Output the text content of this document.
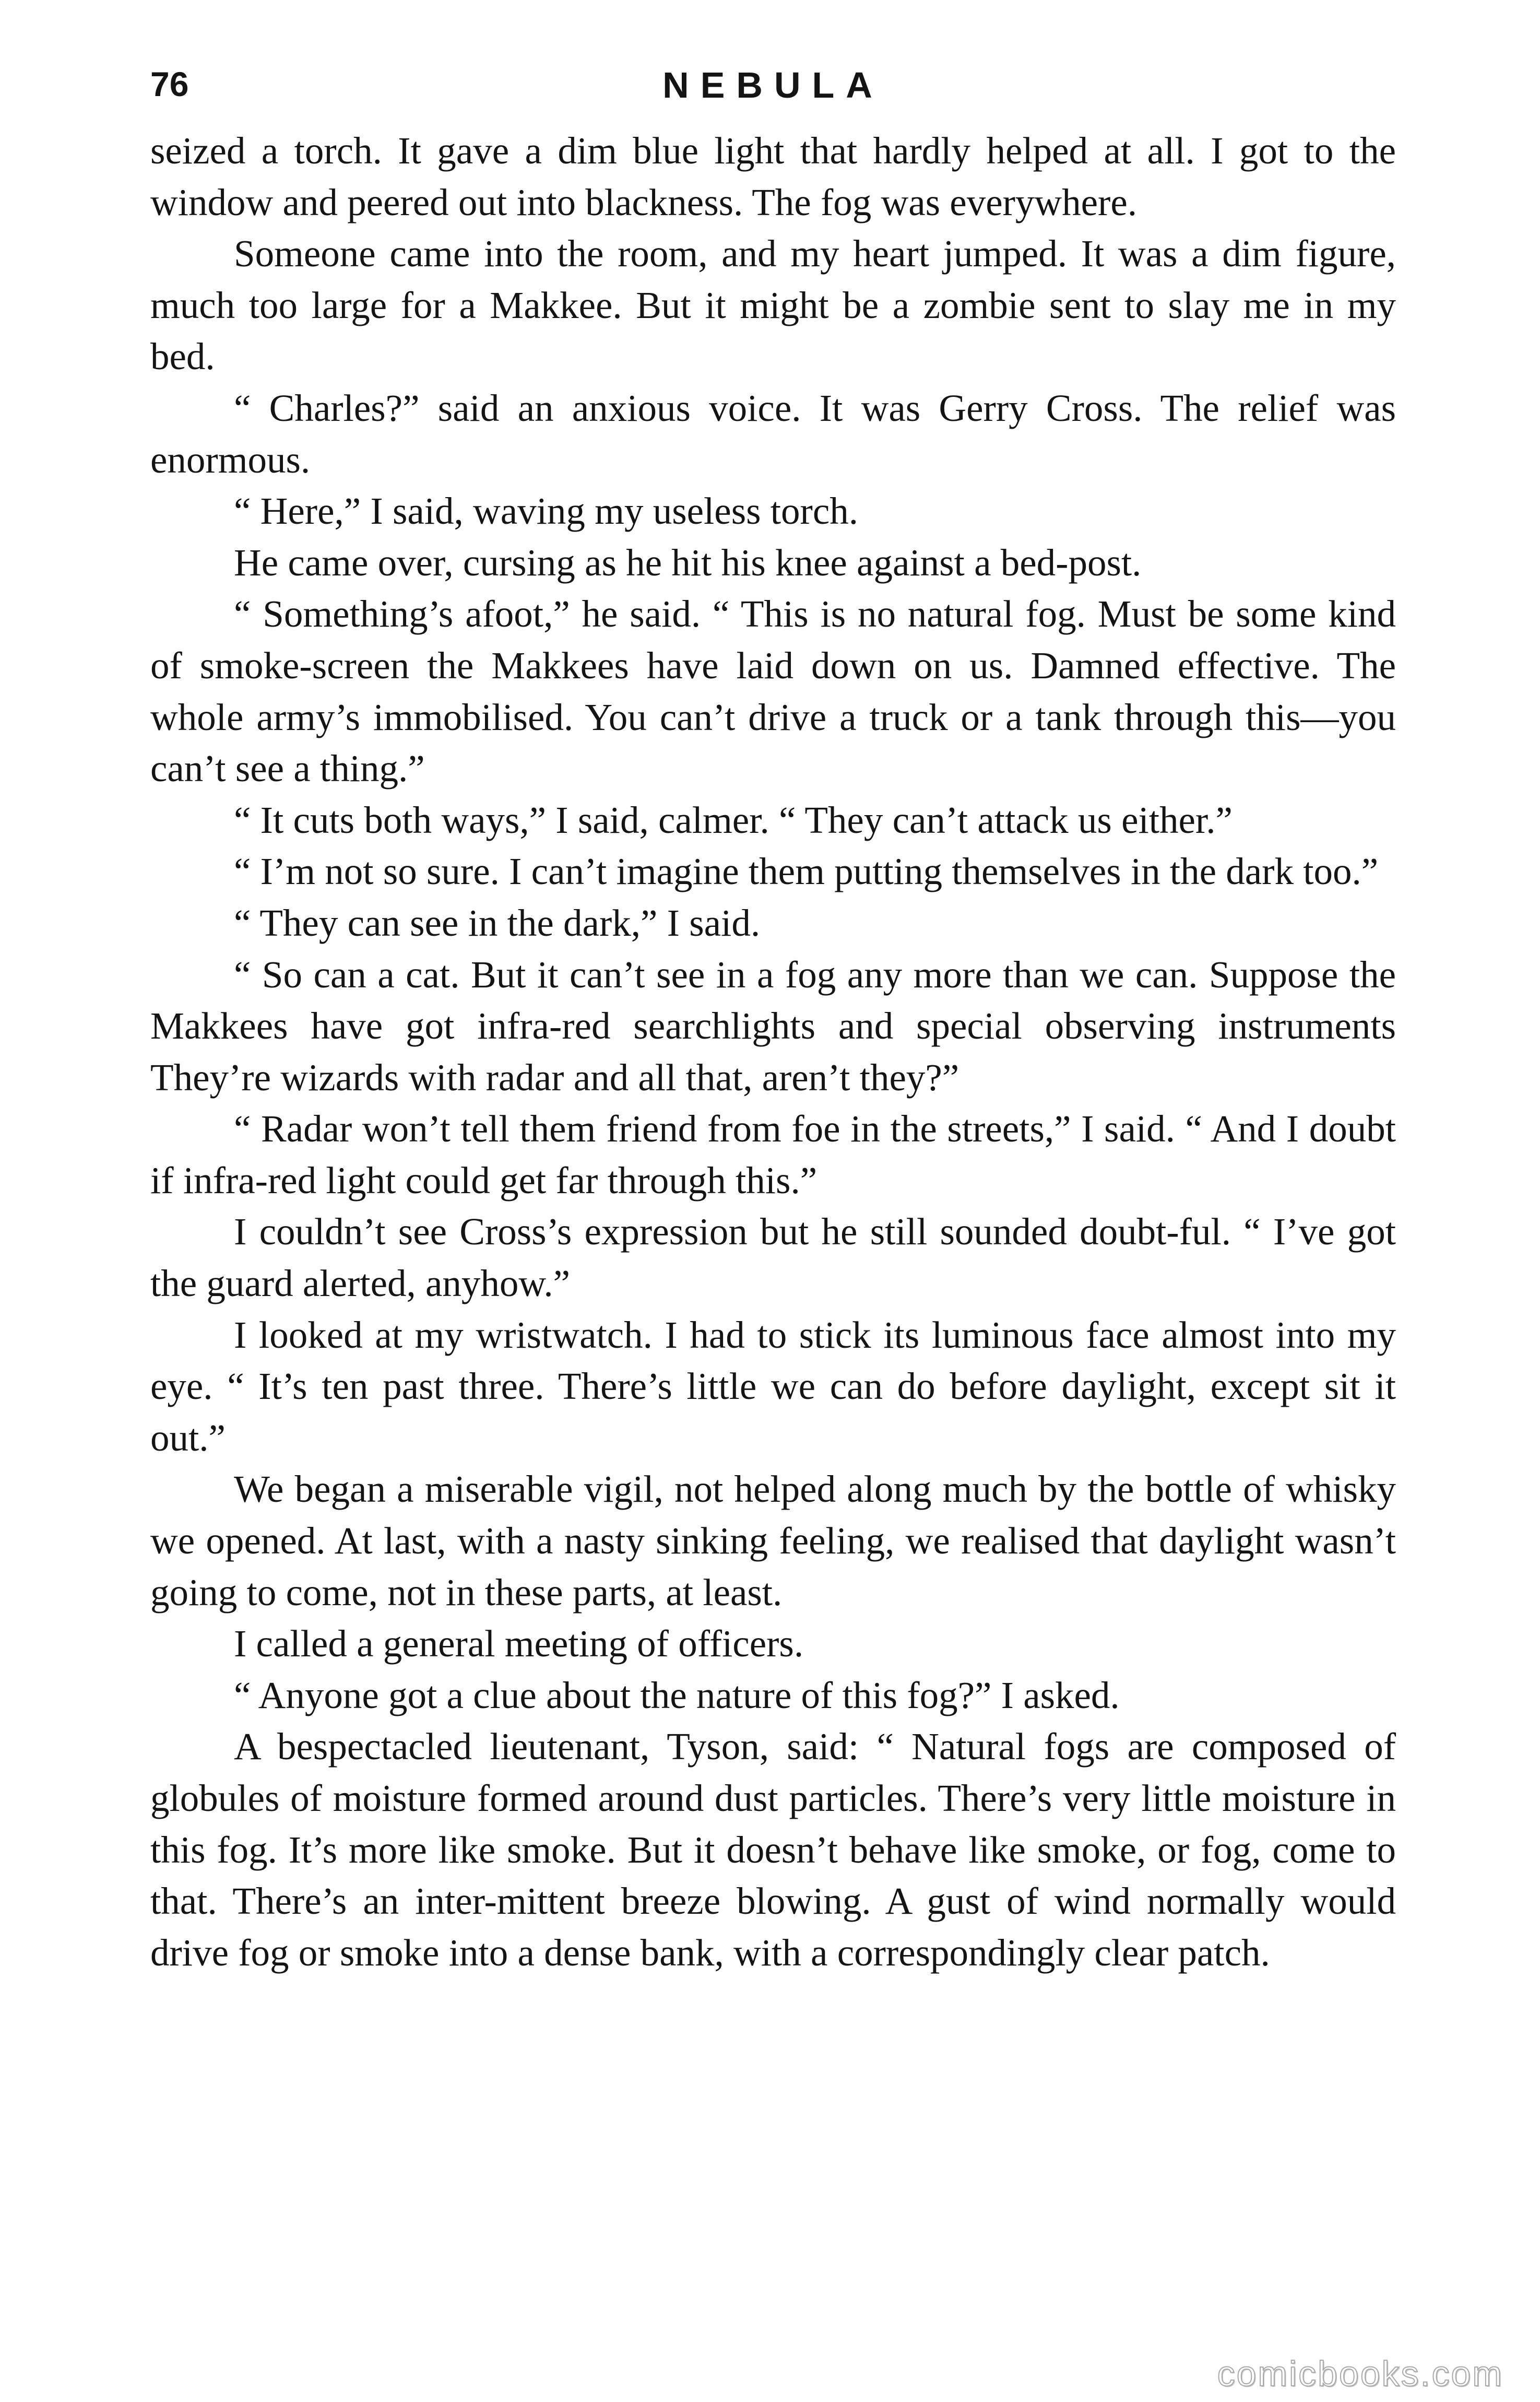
76	NEBULA

seized a torch. It gave a dim blue light that hardly helped at all. I got to the window and peered out into blackness. The fog was everywhere.

Someone came into the room, and my heart jumped. It was a dim figure, much too large for a Makkee. But it might be a zombie sent to slay me in my bed.

“ Charles?” said an anxious voice. It was Gerry Cross. The relief was enormous.

“ Here,” I said, waving my useless torch.

He came over, cursing as he hit his knee against a bed-post.

“ Something’s afoot,” he said. “ This is no natural fog. Must be some kind of smoke-screen the Makkees have laid down on us. Damned effective. The whole army’s immobilised. You can’t drive a truck or a tank through this—you can’t see a thing.”

“ It cuts both ways,” I said, calmer. “ They can’t attack us either.”

“ I’m not so sure. I can’t imagine them putting themselves in the dark too.”

“ They can see in the dark,” I said.

“ So can a cat. But it can’t see in a fog any more than we can. Suppose the Makkees have got infra-red searchlights and special observing instruments They’re wizards with radar and all that, aren’t they?”

“ Radar won’t tell them friend from foe in the streets,” I said. “ And I doubt if infra-red light could get far through this.”

I couldn’t see Cross’s expression but he still sounded doubt-ful. “ I’ve got the guard alerted, anyhow.”

I looked at my wristwatch. I had to stick its luminous face almost into my eye. “ It’s ten past three. There’s little we can do before daylight, except sit it out.”

We began a miserable vigil, not helped along much by the bottle of whisky we opened. At last, with a nasty sinking feeling, we realised that daylight wasn’t going to come, not in these parts, at least.

I called a general meeting of officers.

“ Anyone got a clue about the nature of this fog?” I asked.

A bespectacled lieutenant, Tyson, said: “ Natural fogs are composed of globules of moisture formed around dust particles. There’s very little moisture in this fog. It’s more like smoke. But it doesn’t behave like smoke, or fog, come to that. There’s an inter-mittent breeze blowing. A gust of wind normally would drive fog or smoke into a dense bank, with a correspondingly clear patch.

comicbooks.com
